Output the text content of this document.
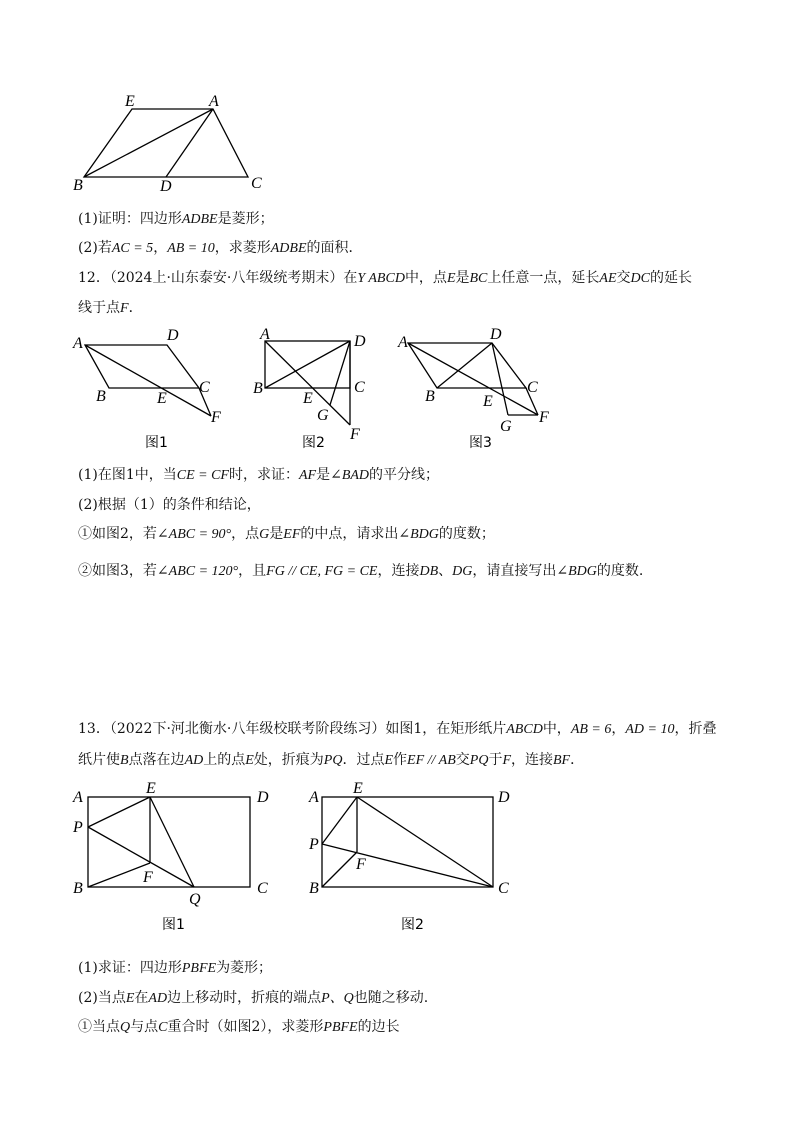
E	A
B	D	C
(1)证明：四边形ADBE是菱形；
(2)若AC = 5，AB = 10，求菱形ADBE的面积．
12．（2024上·山东泰安·八年级统考期末）在Y ABCD中，点E是BC上任意一点，延长AE交DC的延长
线于点F．
A	D
B	E
C
F
图1
A	D
B	C
E
G
F
图2
A	D
B
C
E
G
F
图3
(1)在图1中，当CE = CF时，求证：AF是∠BAD的平分线；
(2)根据（1）的条件和结论，
①如图2，若∠ABC = 90°，点G是EF的中点，请求出∠BDG的度数；
②如图3，若∠ABC = 120°，且FG // CE, FG = CE，连接DB、DG，请直接写出∠BDG的度数.
13．（2022下·河北衡水·八年级校联考阶段练习）如图1，在矩形纸片ABCD中，AB = 6，AD = 10，折叠
纸片使B点落在边AD上的点E处，折痕为PQ．过点E作EF // AB交PQ于F，连接BF．
A
E
D
P
F
B
Q
C
图1
A
E
D
P
F
B	C
图2
(1)求证：四边形PBFE为菱形；
(2)当点E在AD边上移动时，折痕的端点P、Q也随之移动.
①当点Q与点C重合时（如图2），求菱形PBFE的边长
